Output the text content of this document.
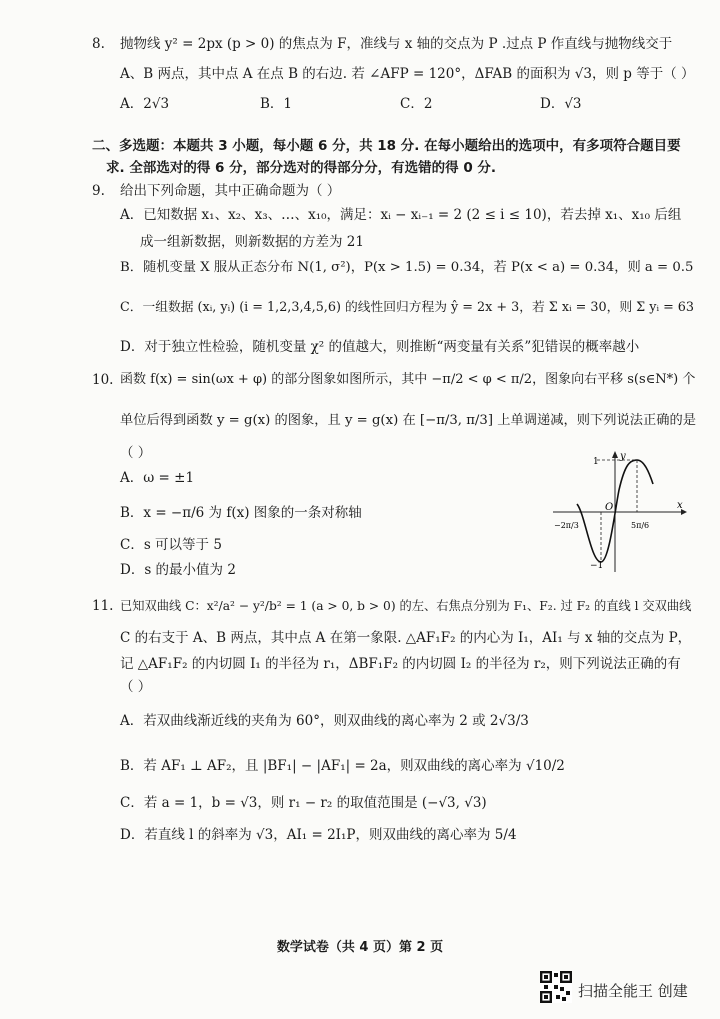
8. 抛物线 y² = 2px (p > 0) 的焦点为 F，准线与 x 轴的交点为 P .过点 P 作直线与抛物线交于
A、B 两点，其中点 A 在点 B 的右边. 若 ∠AFP = 120°，ΔFAB 的面积为 √3，则 p 等于（ ）
A．2√3	B．1	C．2	D．√3
二、多选题：本题共 3 小题，每小题 6 分，共 18 分. 在每小题给出的选项中，有多项符合题目要
求. 全部选对的得 6 分，部分选对的得部分分，有选错的得 0 分.
9. 给出下列命题，其中正确命题为（ ）
A．已知数据 x₁、x₂、x₃、…、x₁₀，满足：xᵢ − xᵢ₋₁ = 2 (2 ≤ i ≤ 10)，若去掉 x₁、x₁₀ 后组
成一组新数据，则新数据的方差为 21
B．随机变量 X 服从正态分布 N(1, σ²)，P(x > 1.5) = 0.34，若 P(x < a) = 0.34，则 a = 0.5
C．一组数据 (xᵢ, yᵢ) (i = 1,2,3,4,5,6) 的线性回归方程为 ŷ = 2x + 3，若 Σ xᵢ = 30，则 Σ yᵢ = 63
D．对于独立性检验，随机变量 χ² 的值越大，则推断“两变量有关系”犯错误的概率越小
10. 函数 f(x) = sin(ωx + φ) 的部分图象如图所示，其中 −π/2 < φ < π/2，图象向右平移 s(s∈N*) 个
单位后得到函数 y = g(x) 的图象，且 y = g(x) 在 [−π/3, π/3] 上单调递减，则下列说法正确的是
（ ）
A．ω = ±1
B．x = −π/6 为 f(x) 图象的一条对称轴
C．s 可以等于 5
D．s 的最小值为 2
y
x
O
1
−1
−2π/3	5π/6
11. 已知双曲线 C：x²/a² − y²/b² = 1 (a > 0, b > 0) 的左、右焦点分别为 F₁、F₂. 过 F₂ 的直线 l 交双曲线
C 的右支于 A、B 两点，其中点 A 在第一象限. △AF₁F₂ 的内心为 I₁，AI₁ 与 x 轴的交点为 P，
记 △AF₁F₂ 的内切圆 I₁ 的半径为 r₁，ΔBF₁F₂ 的内切圆 I₂ 的半径为 r₂，则下列说法正确的有
（ ）
A．若双曲线渐近线的夹角为 60°，则双曲线的离心率为 2 或 2√3/3
B．若 AF₁ ⊥ AF₂，且 |BF₁| − |AF₁| = 2a，则双曲线的离心率为 √10/2
C．若 a = 1，b = √3，则 r₁ − r₂ 的取值范围是 (−√3, √3)
D．若直线 l 的斜率为 √3，AI₁ = 2I₁P，则双曲线的离心率为 5/4
数学试卷（共 4 页）第 2 页
扫描全能王 创建
